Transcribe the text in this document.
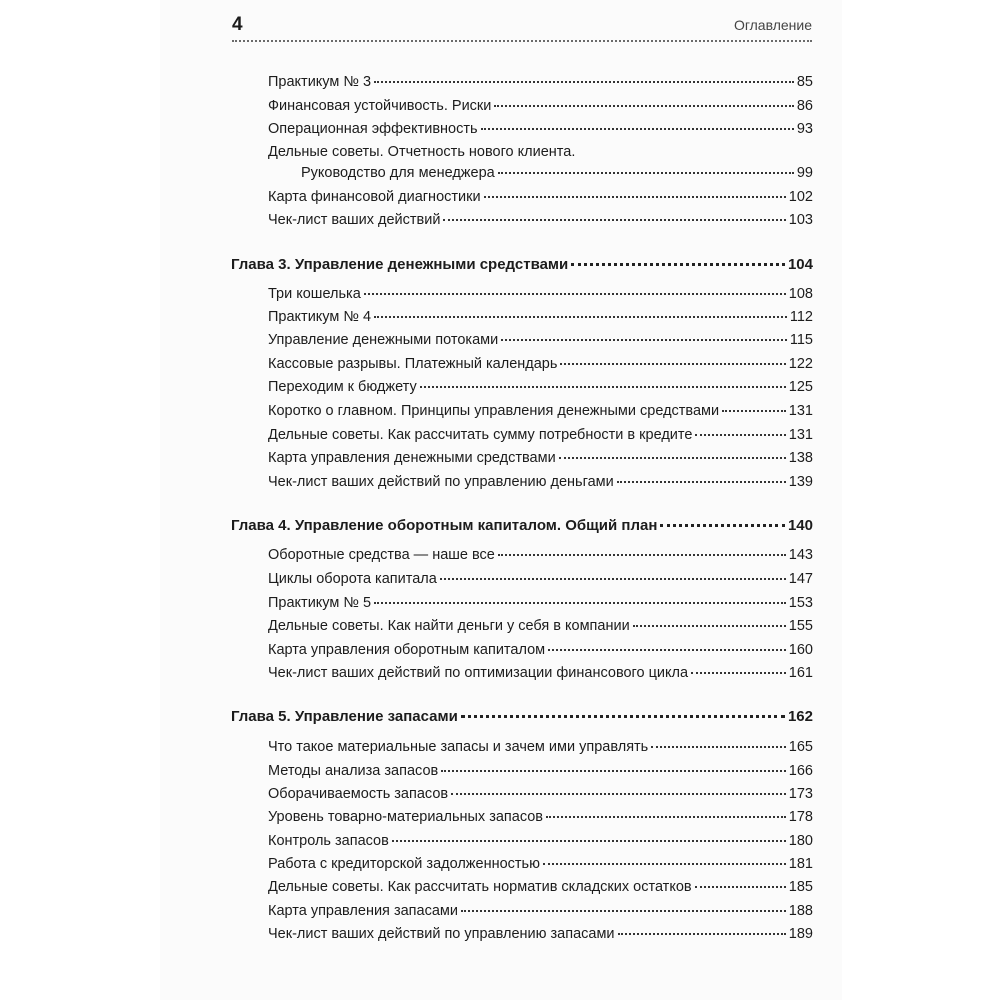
4	Оглавление
Практикум № 3	85
Финансовая устойчивость. Риски	86
Операционная эффективность	93
Дельные советы. Отчетность нового клиента.
Руководство для менеджера	99
Карта финансовой диагностики	102
Чек-лист ваших действий	103
Глава 3. Управление денежными средствами	104
Три кошелька	108
Практикум № 4	112
Управление денежными потоками	115
Кассовые разрывы. Платежный календарь	122
Переходим к бюджету	125
Коротко о главном. Принципы управления денежными средствами	131
Дельные советы. Как рассчитать сумму потребности в кредите	131
Карта управления денежными средствами	138
Чек-лист ваших действий по управлению деньгами	139
Глава 4. Управление оборотным капиталом. Общий план	140
Оборотные средства — наше все	143
Циклы оборота капитала	147
Практикум № 5	153
Дельные советы. Как найти деньги у себя в компании	155
Карта управления оборотным капиталом	160
Чек-лист ваших действий по оптимизации финансового цикла	161
Глава 5. Управление запасами	162
Что такое материальные запасы и зачем ими управлять	165
Методы анализа запасов	166
Оборачиваемость запасов	173
Уровень товарно-материальных запасов	178
Контроль запасов	180
Работа с кредиторской задолженностью	181
Дельные советы. Как рассчитать норматив складских остатков	185
Карта управления запасами	188
Чек-лист ваших действий по управлению запасами	189
